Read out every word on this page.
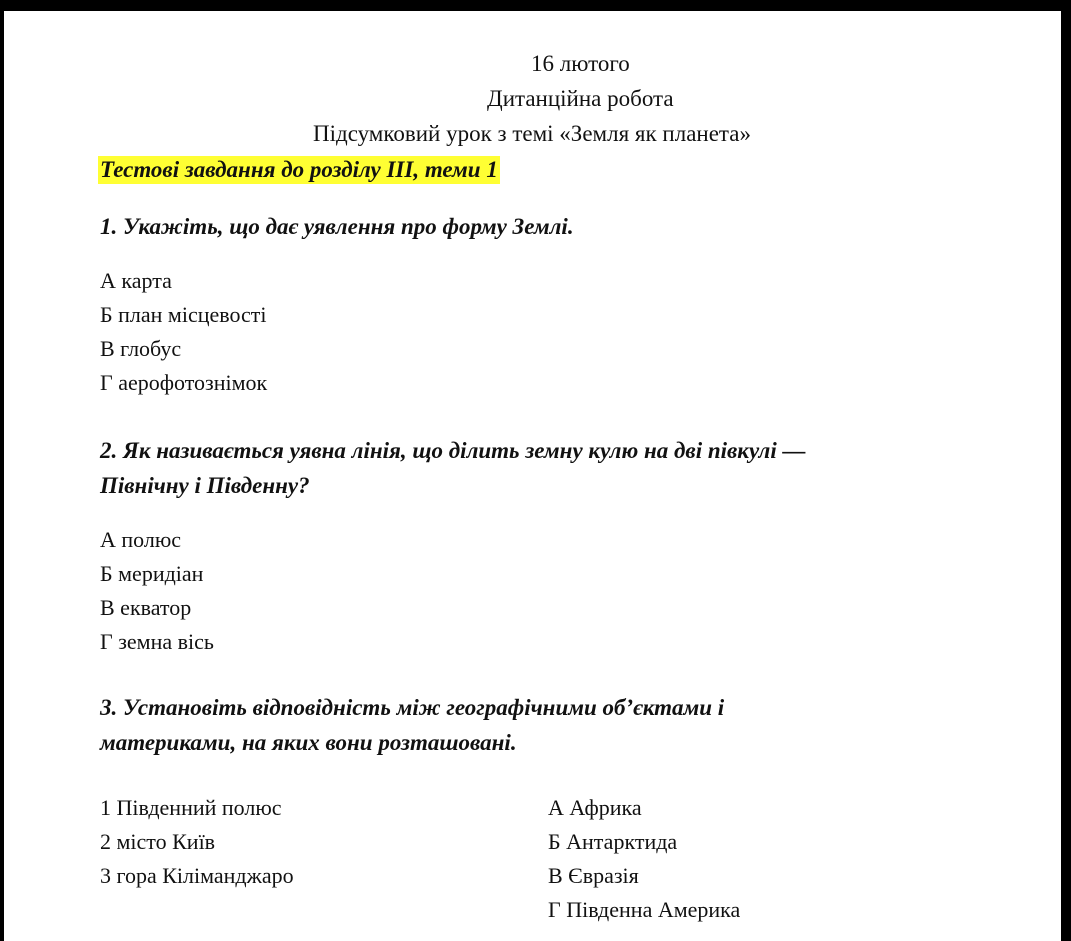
16 лютого
Дитанційна робота
Підсумковий урок з темі «Земля як планета»
Тестові завдання до розділу ІІІ, теми 1
1. Укажіть, що дає уявлення про форму Землі.
А карта
Б план місцевості
В глобус
Г аерофотознімок
2. Як називається уявна лінія, що ділить земну кулю на дві півкулі —
Північну і Південну?
А полюс
Б меридіан
В екватор
Г земна вісь
3. Установіть відповідність між географічними об’єктами і
материками, на яких вони розташовані.
1 Південний полюс
2 місто Київ
3 гора Кіліманджаро
А Африка
Б Антарктида
В Євразія
Г Південна Америка
